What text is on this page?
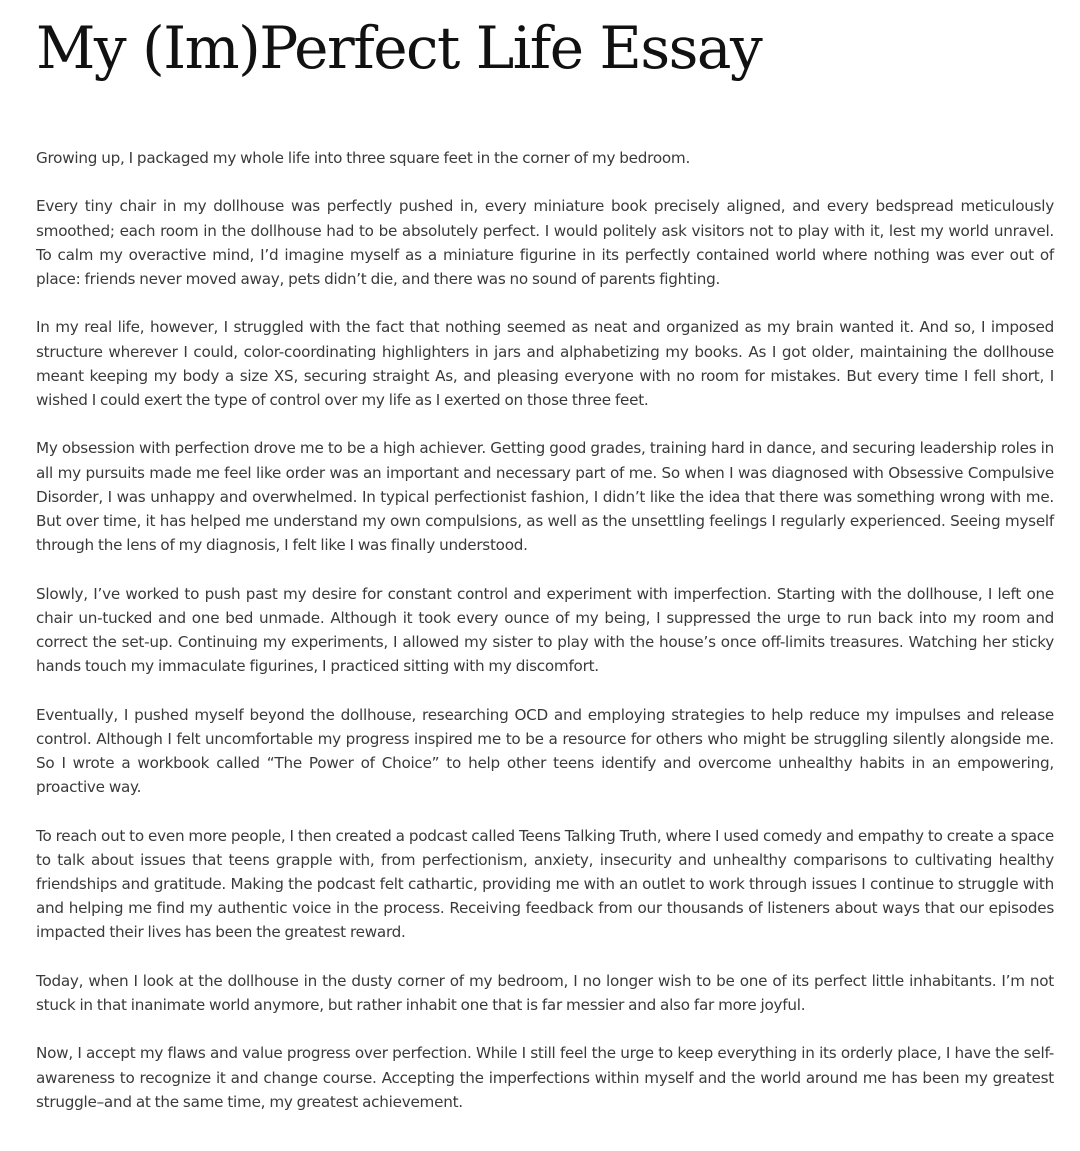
My (Im)Perfect Life Essay

Growing up, I packaged my whole life into three square feet in the corner of my bedroom.

Every tiny chair in my dollhouse was perfectly pushed in, every miniature book precisely aligned, and every bedspread meticulously smoothed; each room in the dollhouse had to be absolutely perfect. I would politely ask visitors not to play with it, lest my world unravel. To calm my overactive mind, I’d imagine myself as a miniature figurine in its perfectly contained world where nothing was ever out of place: friends never moved away, pets didn’t die, and there was no sound of parents fighting.

In my real life, however, I struggled with the fact that nothing seemed as neat and organized as my brain wanted it. And so, I imposed structure wherever I could, color-coordinating highlighters in jars and alphabetizing my books. As I got older, maintaining the dollhouse meant keeping my body a size XS, securing straight As, and pleasing everyone with no room for mistakes. But every time I fell short, I wished I could exert the type of control over my life as I exerted on those three feet.

My obsession with perfection drove me to be a high achiever. Getting good grades, training hard in dance, and securing leadership roles in all my pursuits made me feel like order was an important and necessary part of me. So when I was diagnosed with Obsessive Compulsive Disorder, I was unhappy and overwhelmed. In typical perfectionist fashion, I didn’t like the idea that there was something wrong with me. But over time, it has helped me understand my own compulsions, as well as the unsettling feelings I regularly experienced. Seeing myself through the lens of my diagnosis, I felt like I was finally understood.

Slowly, I’ve worked to push past my desire for constant control and experiment with imperfection. Starting with the dollhouse, I left one chair un-tucked and one bed unmade. Although it took every ounce of my being, I suppressed the urge to run back into my room and correct the set-up. Continuing my experiments, I allowed my sister to play with the house’s once off-limits treasures. Watching her sticky hands touch my immaculate figurines, I practiced sitting with my discomfort.

Eventually, I pushed myself beyond the dollhouse, researching OCD and employing strategies to help reduce my impulses and release control. Although I felt uncomfortable my progress inspired me to be a resource for others who might be struggling silently alongside me. So I wrote a workbook called “The Power of Choice” to help other teens identify and overcome unhealthy habits in an empowering, proactive way.

To reach out to even more people, I then created a podcast called Teens Talking Truth, where I used comedy and empathy to create a space to talk about issues that teens grapple with, from perfectionism, anxiety, insecurity and unhealthy comparisons to cultivating healthy friendships and gratitude. Making the podcast felt cathartic, providing me with an outlet to work through issues I continue to struggle with and helping me find my authentic voice in the process. Receiving feedback from our thousands of listeners about ways that our episodes impacted their lives has been the greatest reward.

Today, when I look at the dollhouse in the dusty corner of my bedroom, I no longer wish to be one of its perfect little inhabitants. I’m not stuck in that inanimate world anymore, but rather inhabit one that is far messier and also far more joyful.

Now, I accept my flaws and value progress over perfection. While I still feel the urge to keep everything in its orderly place, I have the self-awareness to recognize it and change course. Accepting the imperfections within myself and the world around me has been my greatest struggle–and at the same time, my greatest achievement.
